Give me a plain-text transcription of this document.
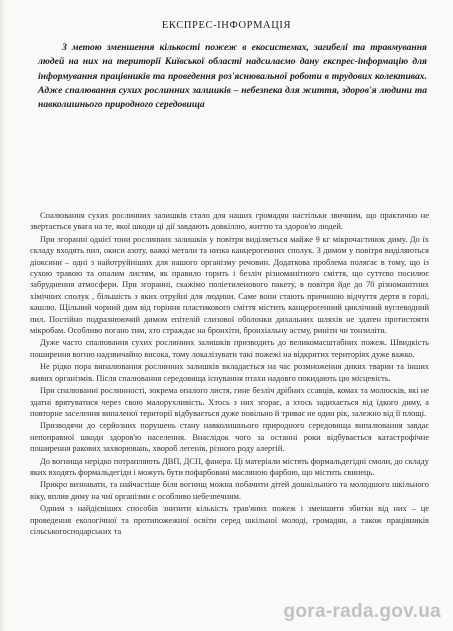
ЕКСПРЕС-ІНФОРМАЦІЯ

З метою зменшення кількості пожеж в екосистемах, загибелі та травмування людей на них на території Київської області надсилаємо дану експрес-інформацію для інформування працівників та проведення роз'яснювальної роботи в трудових колективах. Адже спалювання сухих рослинних залишків – небезпека для життя, здоров'я людини та навколишнього природного середовища

Спалювання сухих рослинних залишків стало для наших громадян настільки звичним, що практично не звертається увага на те, якої шкоди ці дії завдають довкіллю, життю та здоров'ю людей.

При згоранні однієї тони рослинних залишків у повітря виділяється майже 9 кг мікрочастинок диму. До їх складу входять пил, окиси азоту, важкі метали та низка канцерогенних сполук. З димом у повітря виділяються діоксини – одні з найотруйніших для нашого організму речовин. Додаткова проблема полягає в тому, що із сухою травою та опалим листям, як правило горить і безліч різноманітного сміття, що суттєво посилює забруднення атмосфери. При згоранні, скажімо поліетиленового пакету, в повітря йде до 70 різноманітних хімічних сполук , більшість з яких отруйні для людини. Саме вони стають причиною відчуття дертя в горлі, кашлю. Щільний чорний дим від горіння пластикового сміття містить канцерогенний циклічний вуглеводний пил. Постійно подразнюючий димом епітелій слизової оболонки дихальних шляхів не здатен протистояти мікробам. Особливо погано тим, хто страждає на бронхіти, бронхіальну астму, риніти чи тонзиліти.

Дуже часто спалювання сухих рослинних залишків призводить до великомасштабних пожеж. Швидкість поширення вогню надзвичайно висока, тому локалізувати такі пожежі на відкритих територіях дуже важко.

Не рідко пора випалювання рослинних залишків вкладається на час розмноження диких тварин та інших живих організмів. Після спалювання середовища існування птахи надовго покидають цю місцевість.

При спалюванні рослинності, зокрема опалого листя, гине безліч дрібних ссавців, комах та молюсків, які не здатні врятуватися через свою малорухливість. Хтось з них згорає, а хтось задихається від їдкого диму, а повторне заселення випаленої території відбувається дуже повільно й триває не один рік, залежно від її площі.

Призводячи до серйозних порушень стану навколишнього природного середовища випалювання завдає непоправної шкоди здоров'ю населення. Внаслідок чого за останні роки відбувається катастрофічне поширення ракових захворювань, хвороб легенів, різного роду алергій.

До вогнища нерідко потрапляють ДВП, ДСП, фанера. Ці матеріали містять формальдегідні смоли, до складу яких входять формальдегіди і можуть бути пофарбовані масляною фарбою, що містить свинець.

Прикро визнавати, та найчастіше біля вогнищ можна побачити дітей дошкільного та молодшого шкільного віку, вплив диму на чиї організми є особливо небезпечним.

Одним з найдієвіших способів знизити кількість трав'яних пожеж і зменшити збитки від них – це проведення екологічної та протипожежної освіти серед шкільної молоді, громадян, а також працівників сільськогосподарських та

gora-rada.gov.ua
